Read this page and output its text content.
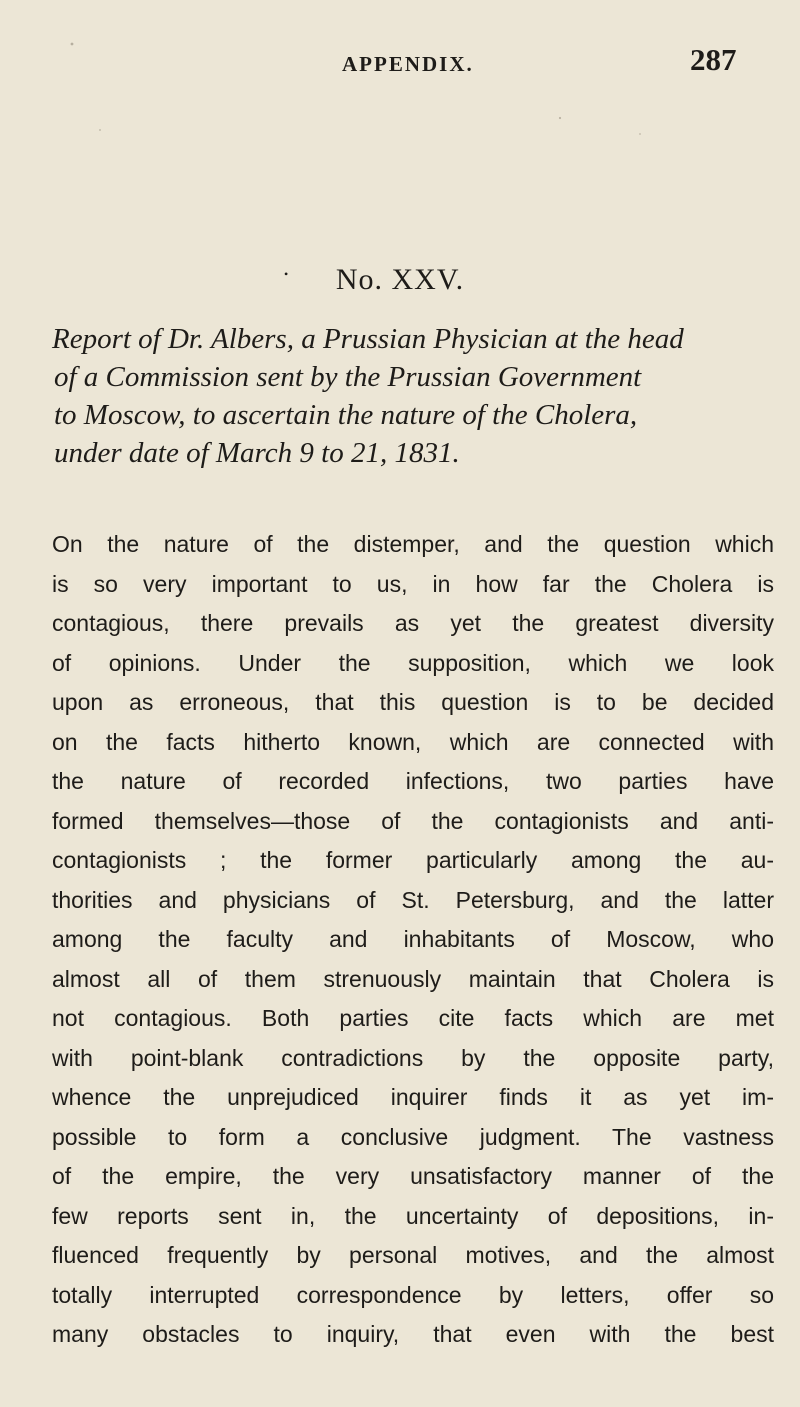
APPENDIX.	287
• No. XXV.
Report of Dr. Albers, a Prussian Physician at the head
of a Commission sent by the Prussian Government
to Moscow, to ascertain the nature of the Cholera,
under date of March 9 to 21, 1831.
On the nature of the distemper, and the question which
is so very important to us, in how far the Cholera is
contagious, there prevails as yet the greatest diversity
of opinions. Under the supposition, which we look
upon as erroneous, that this question is to be decided
on the facts hitherto known, which are connected with
the nature of recorded infections, two parties have
formed themselves—those of the contagionists and anti-
contagionists ; the former particularly among the au-
thorities and physicians of St. Petersburg, and the latter
among the faculty and inhabitants of Moscow, who
almost all of them strenuously maintain that Cholera is
not contagious. Both parties cite facts which are met
with point-blank contradictions by the opposite party,
whence the unprejudiced inquirer finds it as yet im-
possible to form a conclusive judgment. The vastness
of the empire, the very unsatisfactory manner of the
few reports sent in, the uncertainty of depositions, in-
fluenced frequently by personal motives, and the almost
totally interrupted correspondence by letters, offer so
many obstacles to inquiry, that even with the best
